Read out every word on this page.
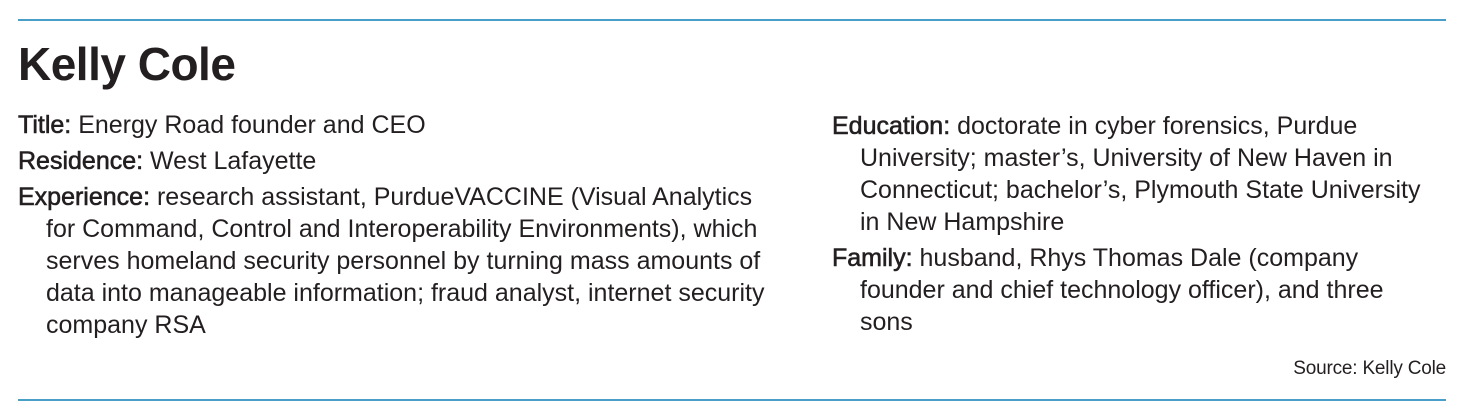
Kelly Cole

Title: Energy Road founder and CEO

Residence: West Lafayette

Experience: research assistant, PurdueVACCINE (Visual Analytics for Command, Control and Interoperability Environments), which serves homeland security personnel by turning mass amounts of data into manageable information; fraud analyst, internet security company RSA

Education: doctorate in cyber forensics, Purdue University; master’s, University of New Haven in Connecticut; bachelor’s, Plymouth State University in New Hampshire

Family: husband, Rhys Thomas Dale (company founder and chief technology officer), and three sons

Source: Kelly Cole
